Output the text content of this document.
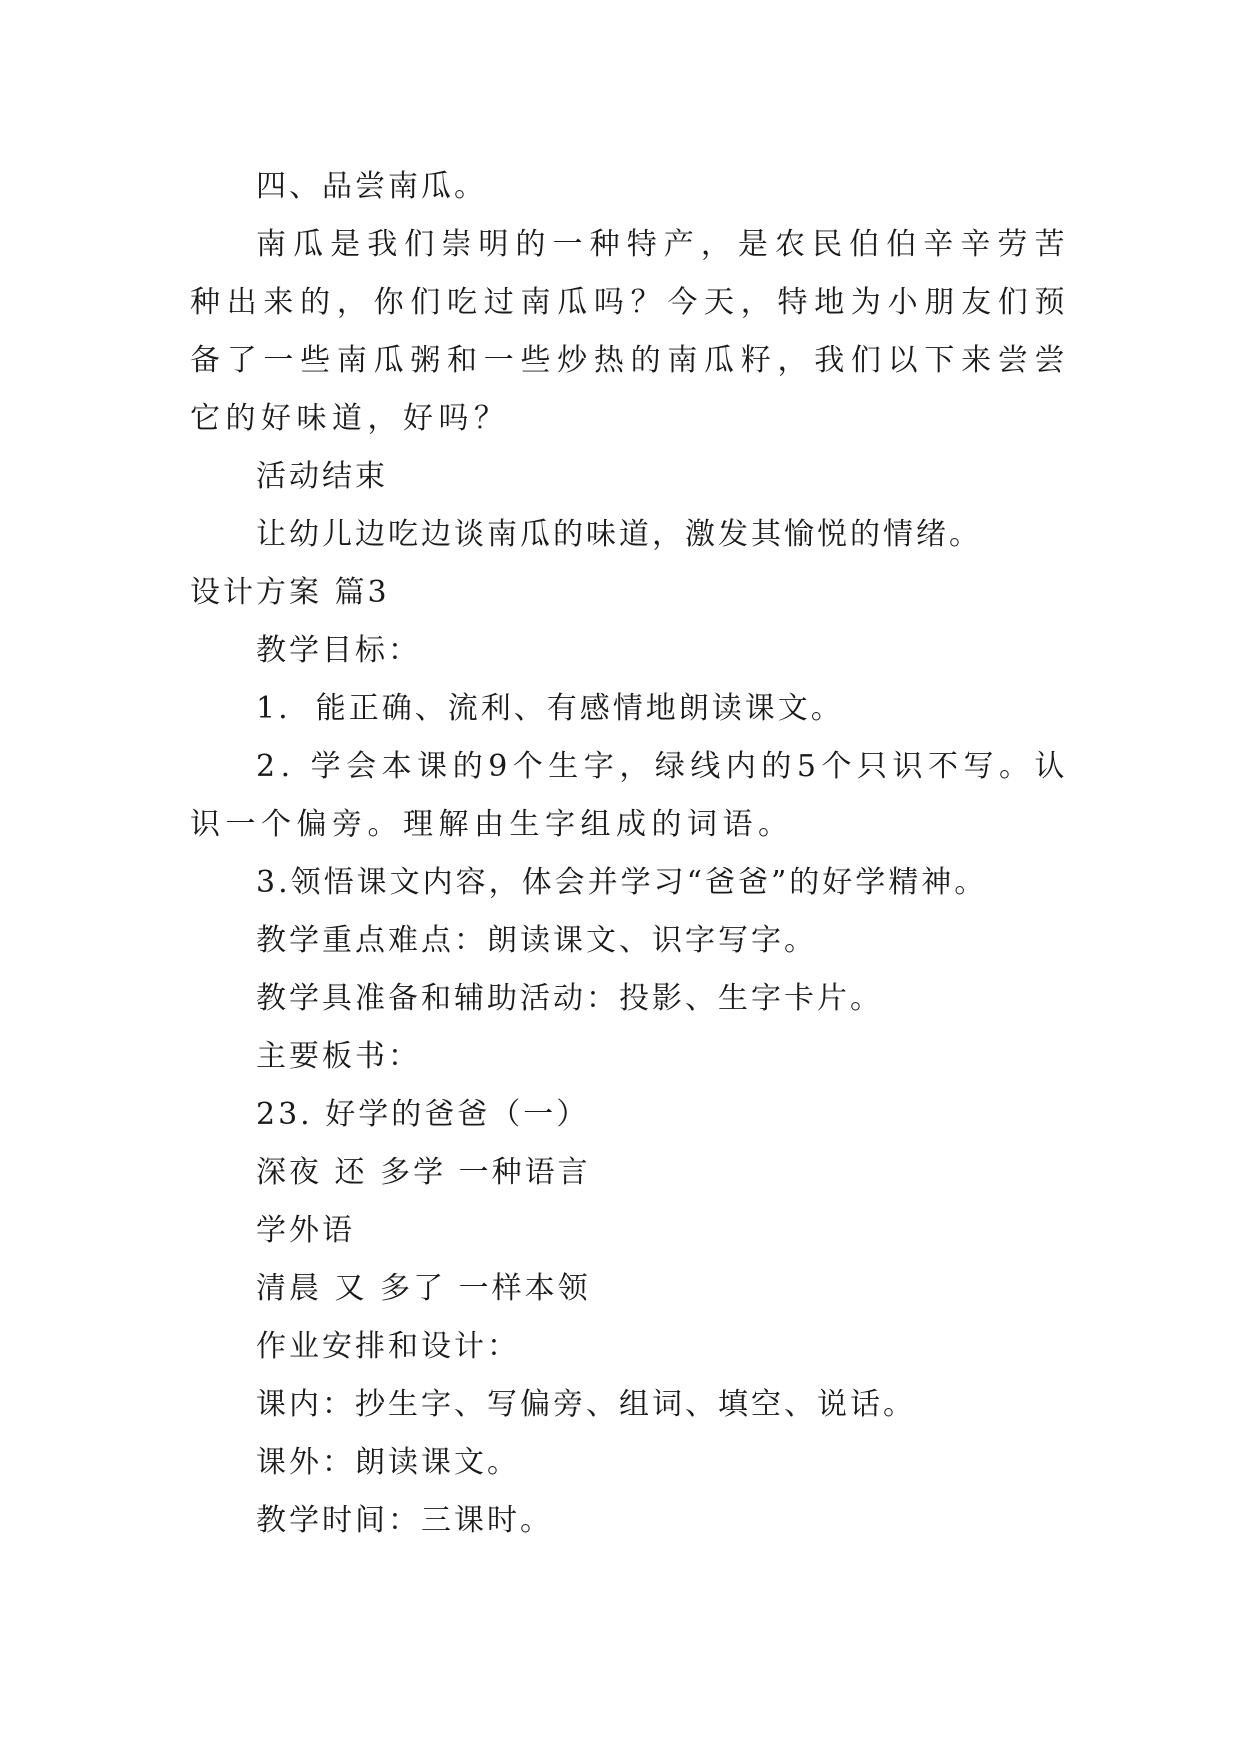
四、品尝南瓜。
南瓜是我们崇明的一种特产，是农民伯伯辛辛劳苦种出来的，你们吃过南瓜吗？今天，特地为小朋友们预备了一些南瓜粥和一些炒热的南瓜籽，我们以下来尝尝它的好味道，好吗？
活动结束
让幼儿边吃边谈南瓜的味道，激发其愉悦的情绪。
设计方案 篇3
教学目标：
1.  能正确、流利、有感情地朗读课文。
2. 学会本课的9个生字，绿线内的5个只识不写。认识一个偏旁。理解由生字组成的词语。
3.领悟课文内容，体会并学习“爸爸”的好学精神。
教学重点难点：朗读课文、识字写字。
教学具准备和辅助活动：投影、生字卡片。
主要板书：
23. 好学的爸爸（一）
深夜 还 多学 一种语言
学外语
清晨 又 多了 一样本领
作业安排和设计：
课内：抄生字、写偏旁、组词、填空、说话。
课外：朗读课文。
教学时间：三课时。
